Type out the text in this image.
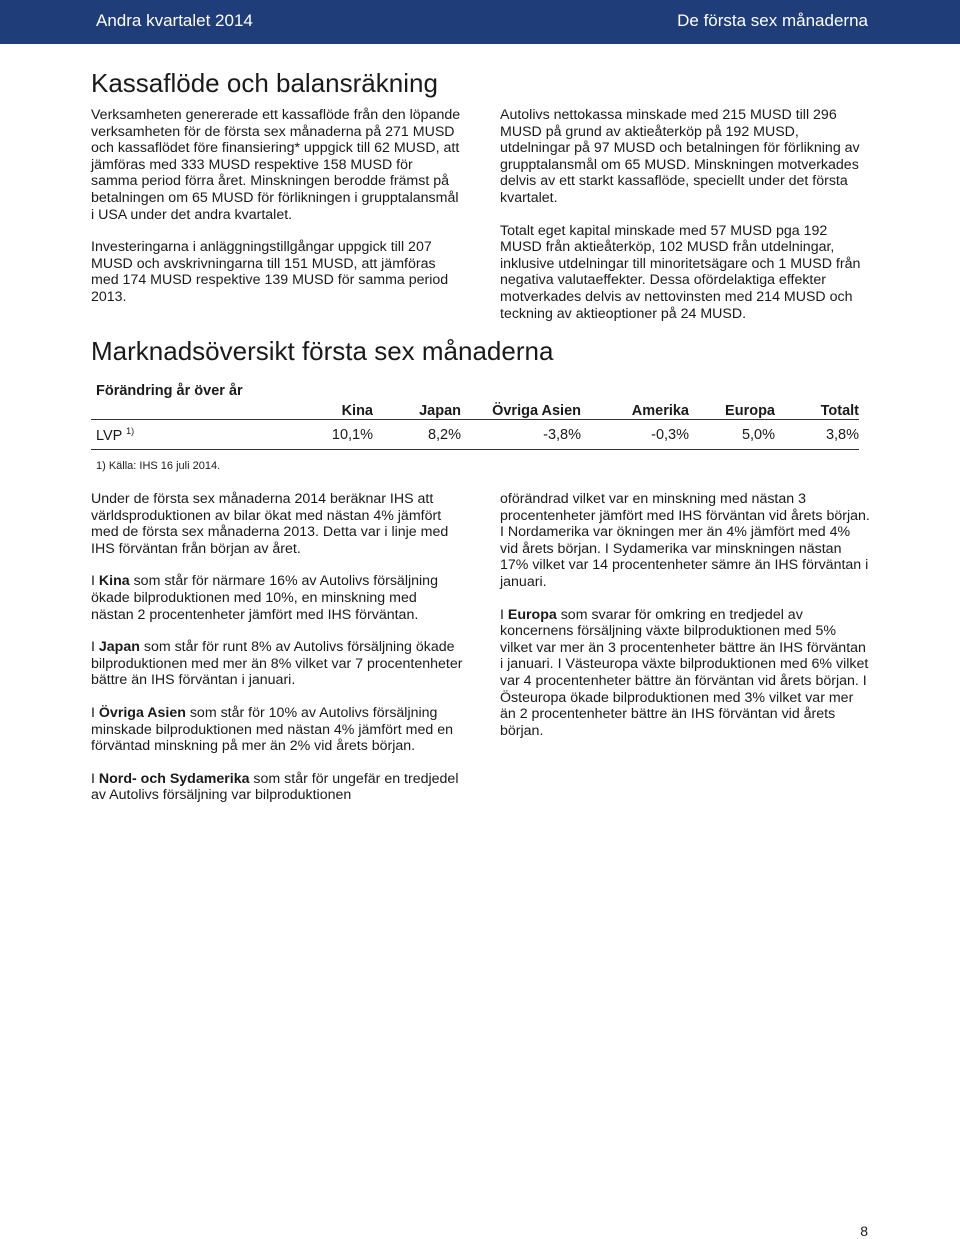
Andra kvartalet 2014	De första sex månaderna
Kassaflöde och balansräkning

Verksamheten genererade ett kassaflöde från den löpande verksamheten för de första sex månaderna på 271 MUSD och kassaflödet före finansiering* uppgick till 62 MUSD, att jämföras med 333 MUSD respektive 158 MUSD för samma period förra året. Minskningen berodde främst på betalningen om 65 MUSD för förlikningen i grupptalansmål i USA under det andra kvartalet.

Investeringarna i anläggningstillgångar uppgick till 207 MUSD och avskrivningarna till 151 MUSD, att jämföras med 174 MUSD respektive 139 MUSD för samma period 2013.

Autolivs nettokassa minskade med 215 MUSD till 296 MUSD på grund av aktieåterköp på 192 MUSD, utdelningar på 97 MUSD och betalningen för förlikning av grupptalansmål om 65 MUSD. Minskningen motverkades delvis av ett starkt kassaflöde, speciellt under det första kvartalet.

Totalt eget kapital minskade med 57 MUSD pga 192 MUSD från aktieåterköp, 102 MUSD från utdelningar, inklusive utdelningar till minoritetsägare och 1 MUSD från negativa valutaeffekter. Dessa ofördelaktiga effekter motverkades delvis av nettovinsten med 214 MUSD och teckning av aktieoptioner på 24 MUSD.

Marknadsöversikt första sex månaderna
Förändring år över år
	Kina	Japan	Övriga Asien	Amerika	Europa	Totalt
LVP $^{1)}$	10,1%	8,2%	-3,8%	-0,3%	5,0%	3,8%
1) Källa: IHS 16 juli 2014.

Under de första sex månaderna 2014 beräknar IHS att världsproduktionen av bilar ökat med nästan 4% jämfört med de första sex månaderna 2013. Detta var i linje med IHS förväntan från början av året.

I Kina som står för närmare 16% av Autolivs försäljning ökade bilproduktionen med 10%, en minskning med nästan 2 procentenheter jämfört med IHS förväntan.

I Japan som står för runt 8% av Autolivs försäljning ökade bilproduktionen med mer än 8% vilket var 7 procentenheter bättre än IHS förväntan i januari.

I Övriga Asien som står för 10% av Autolivs försäljning minskade bilproduktionen med nästan 4% jämfört med en förväntad minskning på mer än 2% vid årets början.

I Nord- och Sydamerika som står för ungefär en tredjedel av Autolivs försäljning var bilproduktionen

oförändrad vilket var en minskning med nästan 3 procentenheter jämfört med IHS förväntan vid årets början. I Nordamerika var ökningen mer än 4% jämfört med 4% vid årets början. I Sydamerika var minskningen nästan 17% vilket var 14 procentenheter sämre än IHS förväntan i januari.

I Europa som svarar för omkring en tredjedel av koncernens försäljning växte bilproduktionen med 5% vilket var mer än 3 procentenheter bättre än IHS förväntan i januari. I Västeuropa växte bilproduktionen med 6% vilket var 4 procentenheter bättre än förväntan vid årets början. I Östeuropa ökade bilproduktionen med 3% vilket var mer än 2 procentenheter bättre än IHS förväntan vid årets början.

8
